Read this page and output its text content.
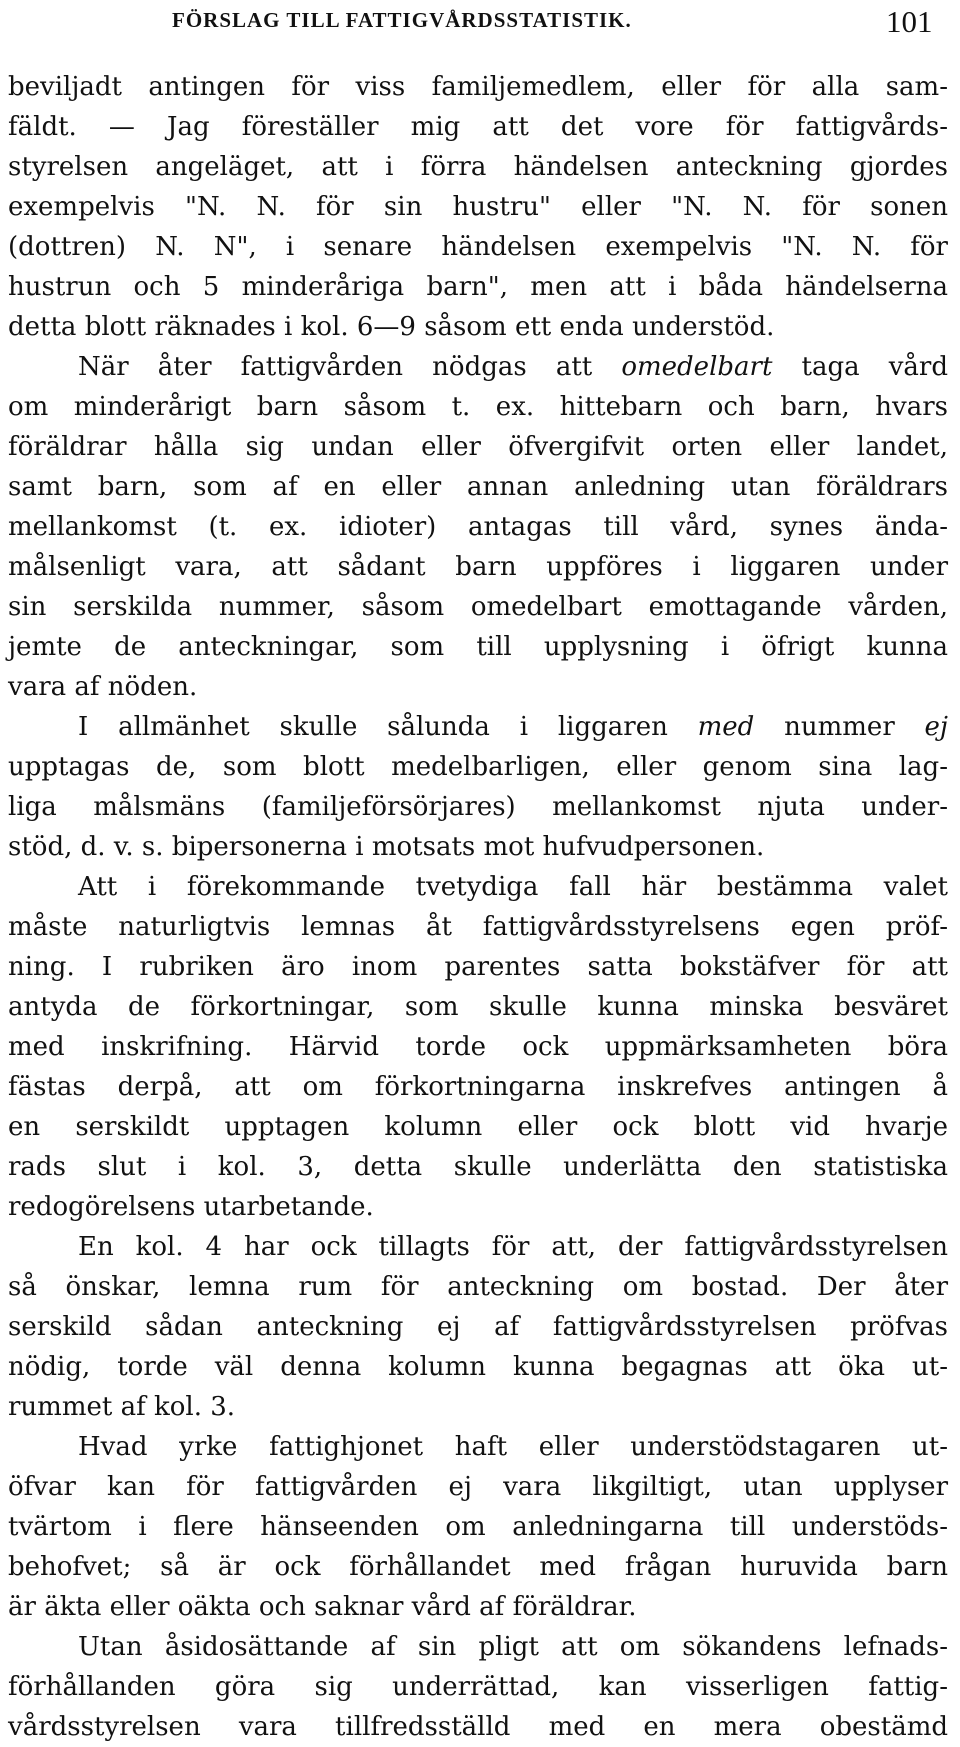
FÖRSLAG TILL FATTIGVÅRDSSTATISTIK.	101
beviljadt antingen för viss familjemedlem, eller för alla sam-
fäldt. — Jag föreställer mig att det vore för fattigvårds-
styrelsen angeläget, att i förra händelsen anteckning gjordes
exempelvis "N. N. för sin hustru" eller "N. N. för sonen
(dottren) N. N", i senare händelsen exempelvis "N. N. för
hustrun och 5 minderåriga barn", men att i båda händelserna
detta blott räknades i kol. 6—9 såsom ett enda understöd.
När åter fattigvården nödgas att omedelbart taga vård
om minderårigt barn såsom t. ex. hittebarn och barn, hvars
föräldrar hålla sig undan eller öfvergifvit orten eller landet,
samt barn, som af en eller annan anledning utan föräldrars
mellankomst (t. ex. idioter) antagas till vård, synes ända-
målsenligt vara, att sådant barn uppföres i liggaren under
sin serskilda nummer, såsom omedelbart emottagande vården,
jemte de anteckningar, som till upplysning i öfrigt kunna
vara af nöden.
I allmänhet skulle sålunda i liggaren med nummer ej
upptagas de, som blott medelbarligen, eller genom sina lag-
liga målsmäns (familjeförsörjares) mellankomst njuta under-
stöd, d. v. s. bipersonerna i motsats mot hufvudpersonen.
Att i förekommande tvetydiga fall här bestämma valet
måste naturligtvis lemnas åt fattigvårdsstyrelsens egen pröf-
ning. I rubriken äro inom parentes satta bokstäfver för att
antyda de förkortningar, som skulle kunna minska besväret
med inskrifning. Härvid torde ock uppmärksamheten böra
fästas derpå, att om förkortningarna inskrefves antingen å
en serskildt upptagen kolumn eller ock blott vid hvarje
rads slut i kol. 3, detta skulle underlätta den statistiska
redogörelsens utarbetande.
En kol. 4 har ock tillagts för att, der fattigvårdsstyrelsen
så önskar, lemna rum för anteckning om bostad. Der åter
serskild sådan anteckning ej af fattigvårdsstyrelsen pröfvas
nödig, torde väl denna kolumn kunna begagnas att öka ut-
rummet af kol. 3.
Hvad yrke fattighjonet haft eller understödstagaren ut-
öfvar kan för fattigvården ej vara likgiltigt, utan upplyser
tvärtom i flere hänseenden om anledningarna till understöds-
behofvet; så är ock förhållandet med frågan huruvida barn
är äkta eller oäkta och saknar vård af föräldrar.
Utan åsidosättande af sin pligt att om sökandens lefnads-
förhållanden göra sig underrättad, kan visserligen fattig-
vårdsstyrelsen vara tillfredsställd med en mera obestämd
